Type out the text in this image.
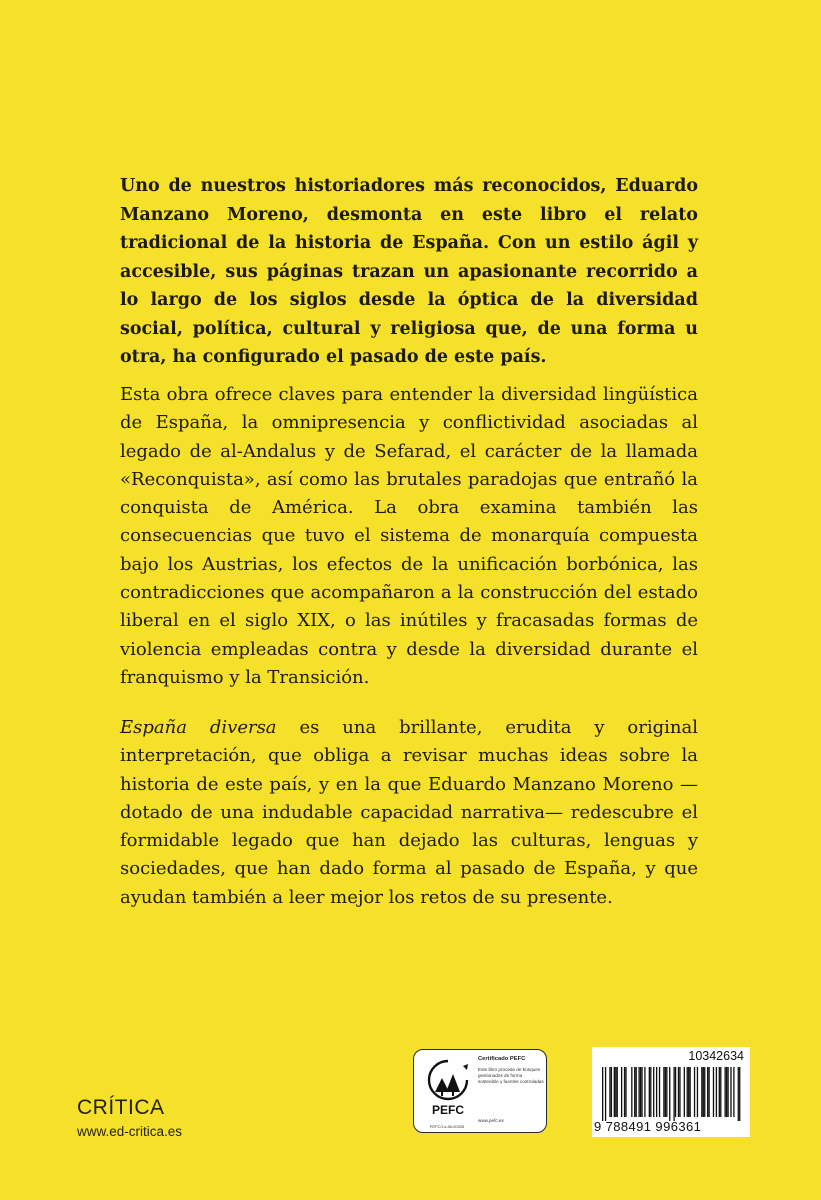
Uno de nuestros historiadores más reconocidos, Eduardo Manzano Moreno, desmonta en este libro el relato tradicional de la historia de España. Con un estilo ágil y accesible, sus páginas trazan un apasionante recorrido a lo largo de los siglos desde la óptica de la diversidad social, política, cultural y religiosa que, de una forma u otra, ha configurado el pasado de este país.
Esta obra ofrece claves para entender la diversidad lingüística de España, la omnipresencia y conflictividad asociadas al legado de al-Andalus y de Sefarad, el carácter de la llamada «Reconquista», así como las brutales paradojas que entrañó la conquista de América. La obra examina también las consecuencias que tuvo el sistema de monarquía compuesta bajo los Austrias, los efectos de la unificación borbónica, las contradicciones que acompañaron a la construcción del estado liberal en el siglo XIX, o las inútiles y fracasadas formas de violencia empleadas contra y desde la diversidad durante el franquismo y la Transición.
España diversa es una brillante, erudita y original interpretación, que obliga a revisar muchas ideas sobre la historia de este país, y en la que Eduardo Manzano Moreno —dotado de una indudable capacidad narrativa— redescubre el formidable legado que han dejado las culturas, lenguas y sociedades, que han dado forma al pasado de España, y que ayudan también a leer mejor los retos de su presente.
CRÍTICA
www.ed-critica.es
PEFC
PEFC/14-38-00305
Certificado PEFC
Este libro procede de bosques gestionados de forma sostenible y fuentes controladas
www.pefc.es
10342634
9 788491 996361
